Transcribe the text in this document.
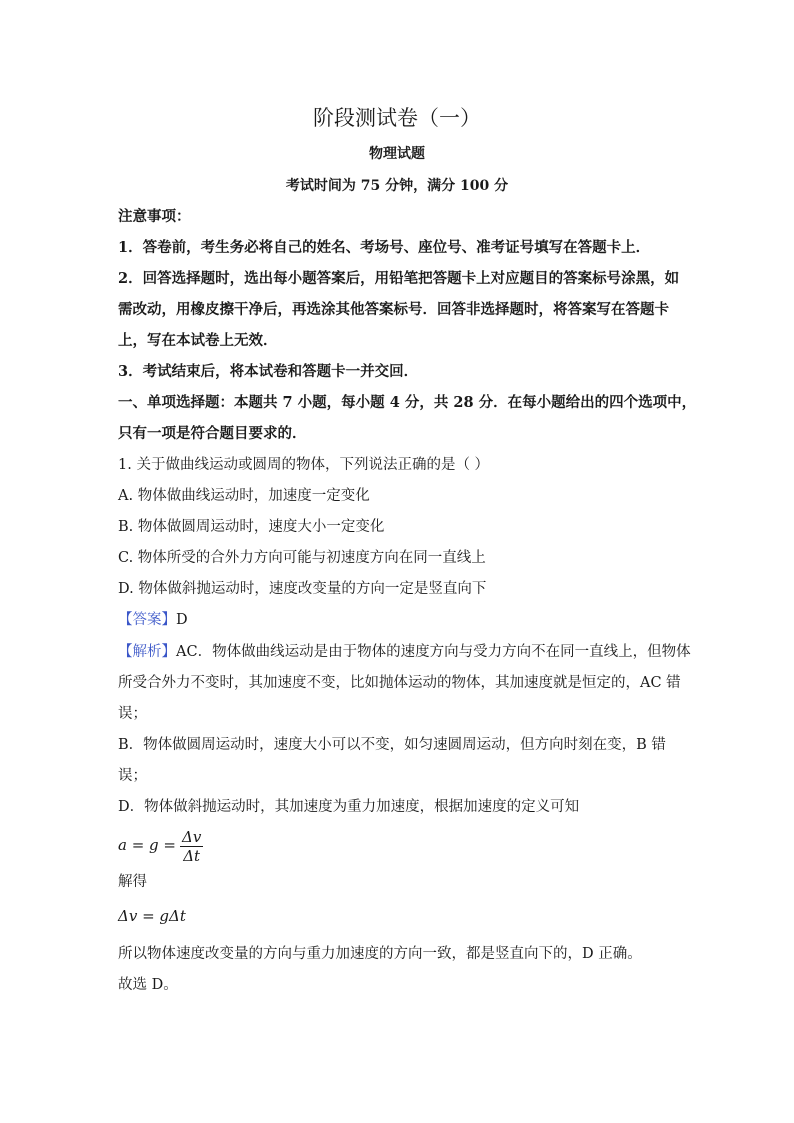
阶段测试卷（一）
物理试题
考试时间为 75 分钟，满分 100 分
注意事项：
1．答卷前，考生务必将自己的姓名、考场号、座位号、准考证号填写在答题卡上．
2．回答选择题时，选出每小题答案后，用铅笔把答题卡上对应题目的答案标号涂黑，如
需改动，用橡皮擦干净后，再选涂其他答案标号．回答非选择题时，将答案写在答题卡
上，写在本试卷上无效．
3．考试结束后，将本试卷和答题卡一并交回．
一、单项选择题：本题共 7 小题，每小题 4 分，共 28 分．在每小题给出的四个选项中，
只有一项是符合题目要求的．
1. 关于做曲线运动或圆周的物体，下列说法正确的是（ ）
A. 物体做曲线运动时，加速度一定变化
B. 物体做圆周运动时，速度大小一定变化
C. 物体所受的合外力方向可能与初速度方向在同一直线上
D. 物体做斜抛运动时，速度改变量的方向一定是竖直向下
【答案】D
【解析】AC．物体做曲线运动是由于物体的速度方向与受力方向不在同一直线上，但物体
所受合外力不变时，其加速度不变，比如抛体运动的物体，其加速度就是恒定的，AC 错
误；
B．物体做圆周运动时，速度大小可以不变，如匀速圆周运动，但方向时刻在变，B 错
误；
D．物体做斜抛运动时，其加速度为重力加速度，根据加速度的定义可知
$a = g = \frac{\Delta v}{\Delta t}$
解得
Δv = gΔt
所以物体速度改变量的方向与重力加速度的方向一致，都是竖直向下的，D 正确。
故选 D。
